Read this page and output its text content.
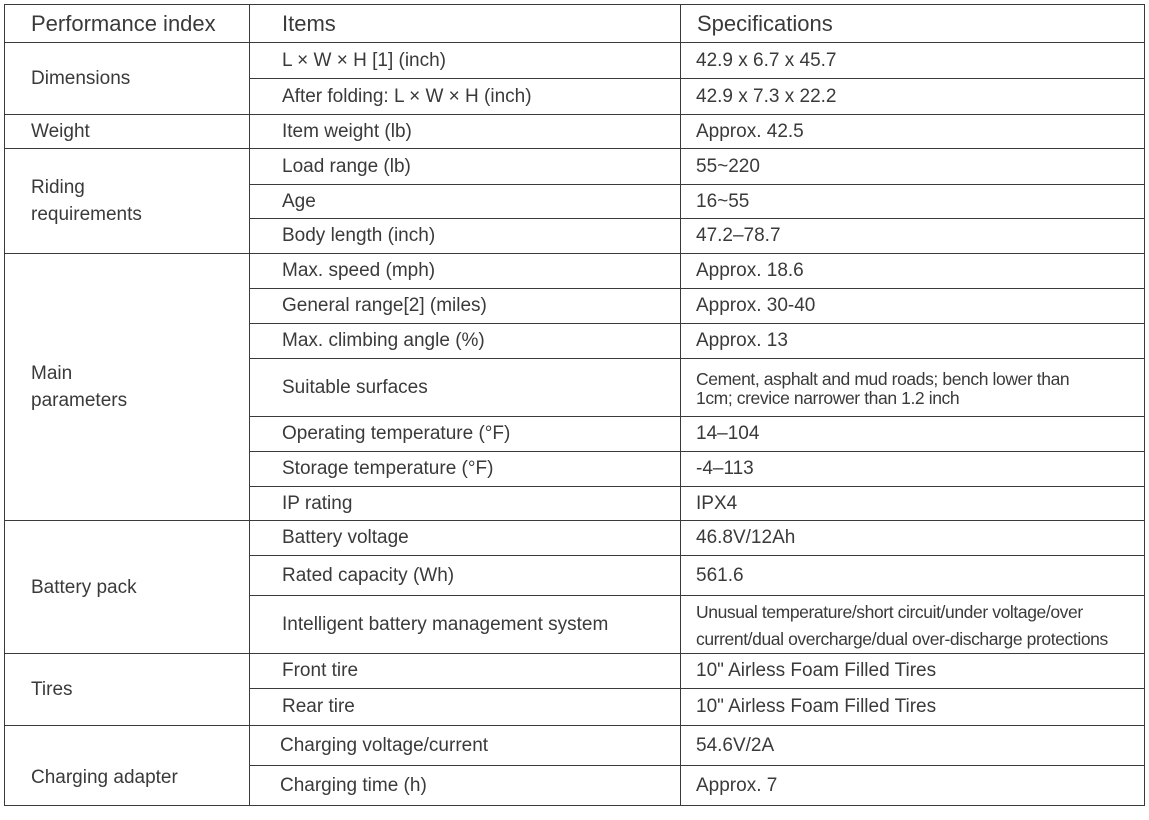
Performance index	Items	Specifications

Dimensions	L × W × H [1] (inch)	42.9 x 6.7 x 45.7
	After folding: L × W × H (inch)	42.9 x 7.3 x 22.2

Weight	Item weight (lb)	Approx. 42.5

Riding
requirements	Load range (lb)	55~220
	Age	16~55
	Body length (inch)	47.2–78.7

Main
parameters	Max. speed (mph)	Approx. 18.6
	General range[2] (miles)	Approx. 30-40
	Max. climbing angle (%)	Approx. 13
	Suitable surfaces	Cement, asphalt and mud roads; bench lower than
1cm; crevice narrower than 1.2 inch

	Operating temperature (°F)	14–104
	Storage temperature (°F)	-4–113
	IP rating	IPX4

Battery pack	Battery voltage	46.8V/12Ah
	Rated capacity (Wh)	561.6
	Intelligent battery management system	Unusual temperature/short circuit/under voltage/over
current/dual overcharge/dual over-discharge protections

Tires	Front tire	10" Airless Foam Filled Tires
	Rear tire	10" Airless Foam Filled Tires

Charging adapter	Charging voltage/current	54.6V/2A
	Charging time (h)	Approx. 7
